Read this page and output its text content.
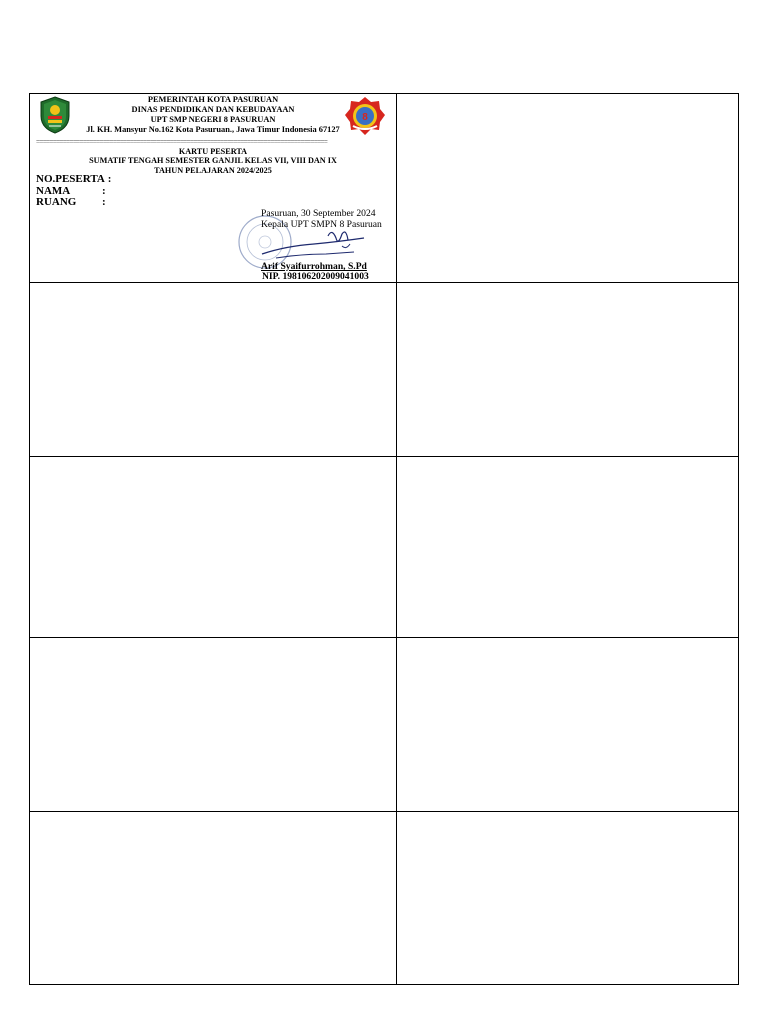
PEMERINTAH KOTA PASURUAN
DINAS PENDIDIKAN DAN KEBUDAYAAN
UPT SMP NEGERI 8 PASURUAN
Jl. KH. Mansyur No.162 Kota Pasuruan., Jawa Timur Indonesia 67127
8
=======================================================================================
KARTU PESERTA
SUMATIF TENGAH SEMESTER GANJIL KELAS VII, VIII DAN IX
TAHUN PELAJARAN 2024/2025
NO.PESERTA :
NAMA	:
RUANG	:
Pasuruan, 30 September 2024
Kepala UPT SMPN 8 Pasuruan
Arif Syaifurrohman, S.Pd
NIP. 198106202009041003
